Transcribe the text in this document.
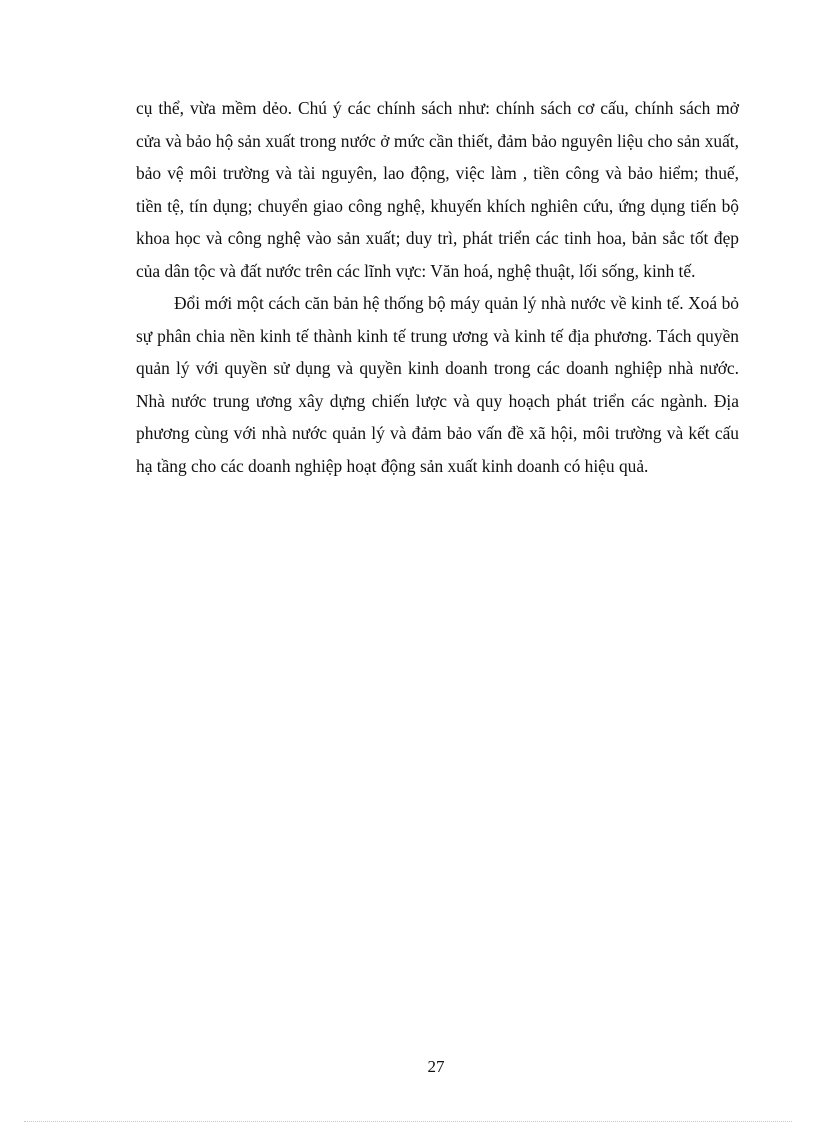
cụ thể, vừa mềm dẻo. Chú ý các chính sách như: chính sách cơ cấu, chính sách mở cửa và bảo hộ sản xuất trong nước ở mức cần thiết, đảm bảo nguyên liệu cho sản xuất, bảo vệ môi trường và tài nguyên, lao động, việc làm , tiền công và bảo hiểm; thuế, tiền tệ, tín dụng; chuyển giao công nghệ, khuyến khích nghiên cứu, ứng dụng tiến bộ khoa học và công nghệ vào sản xuất; duy trì, phát triển các tinh hoa, bản sắc tốt đẹp của dân tộc và đất nước trên các lĩnh vực: Văn hoá, nghệ thuật, lối sống, kinh tế.

Đổi mới một cách căn bản hệ thống bộ máy quản lý nhà nước về kinh tế. Xoá bỏ sự phân chia nền kinh tế thành kinh tế trung ương và kinh tế địa phương. Tách quyền quản lý với quyền sử dụng và quyền kinh doanh trong các doanh nghiệp nhà nước. Nhà nước trung ương xây dựng chiến lược và quy hoạch phát triển các ngành. Địa phương cùng với nhà nước quản lý và đảm bảo vấn đề xã hội, môi trường và kết cấu hạ tầng cho các doanh nghiệp hoạt động sản xuất kinh doanh có hiệu quả.

27
